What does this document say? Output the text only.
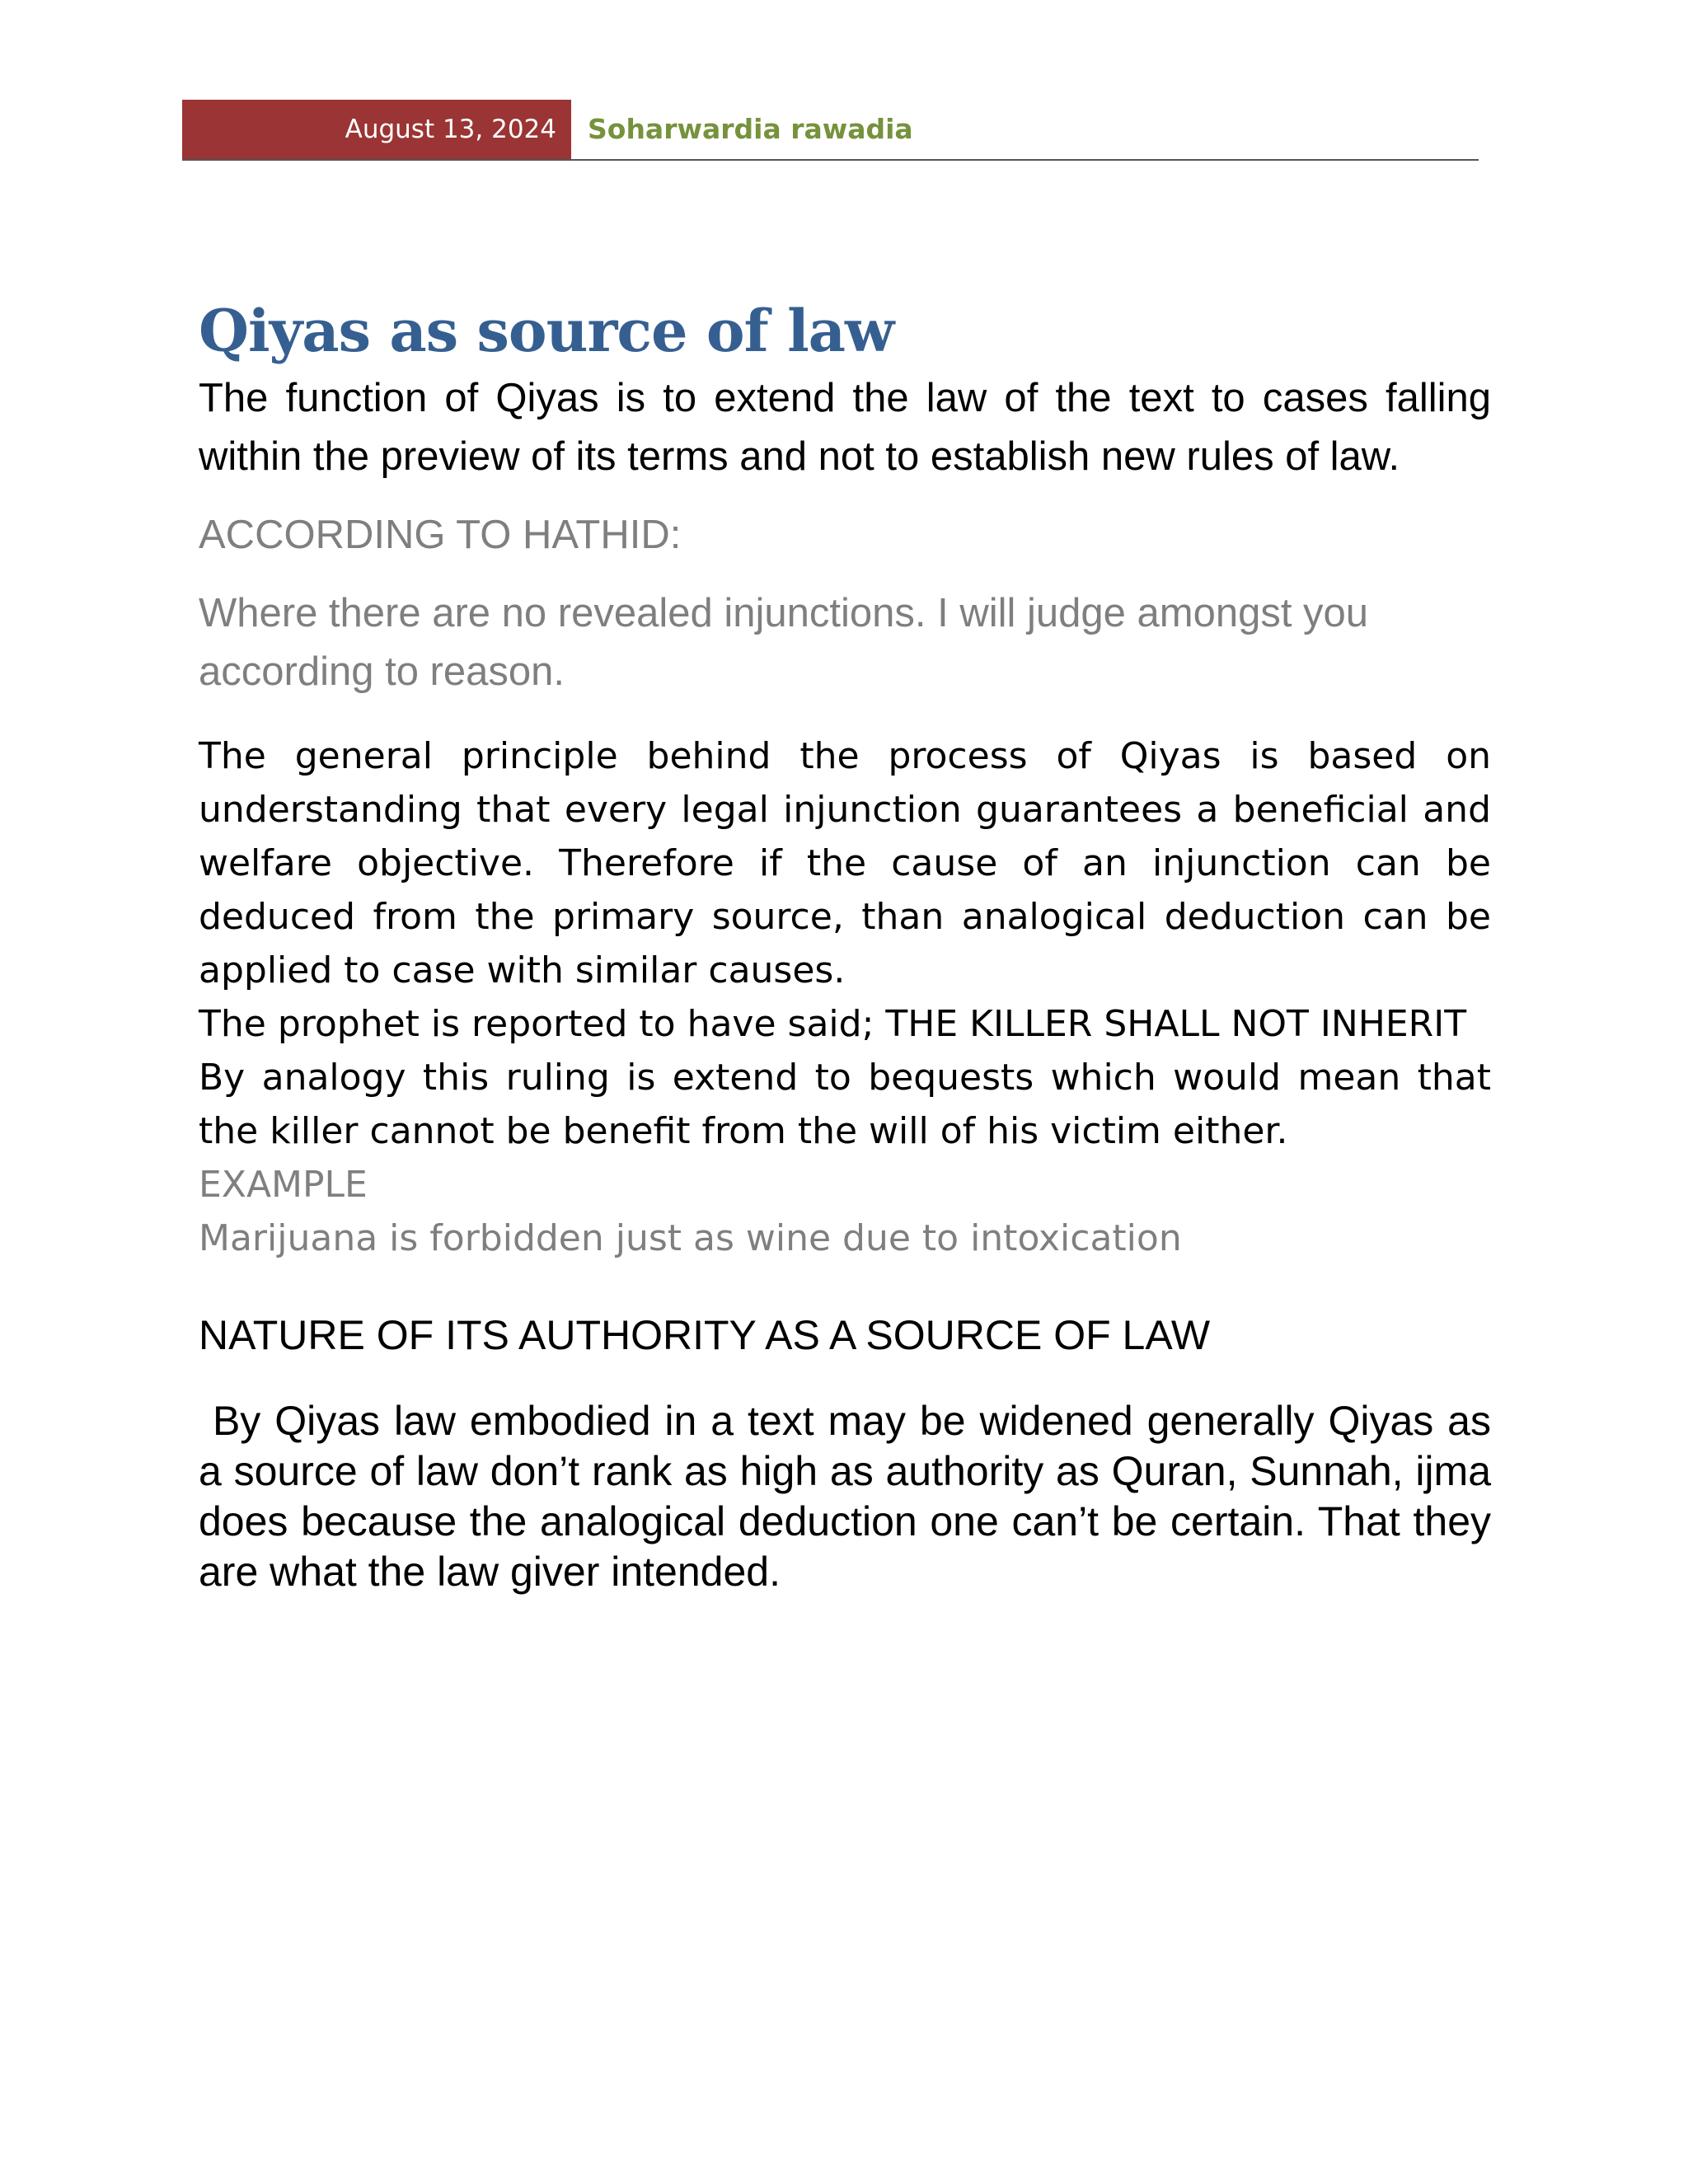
August 13, 2024 Soharwardia rawadia
Qiyas as source of law

The function of Qiyas is to extend the law of the text to cases falling within the preview of its terms and not to establish new rules of law.

ACCORDING TO HATHID:

Where there are no revealed injunctions. I will judge amongst you according to reason.

The general principle behind the process of Qiyas is based on understanding that every legal injunction guarantees a beneficial and welfare objective. Therefore if the cause of an injunction can be deduced from the primary source, than analogical deduction can be applied to case with similar causes.

The prophet is reported to have said; THE KILLER SHALL NOT INHERIT

By analogy this ruling is extend to bequests which would mean that the killer cannot be benefit from the will of his victim either.

EXAMPLE

Marijuana is forbidden just as wine due to intoxication

NATURE OF ITS AUTHORITY AS A SOURCE OF LAW

By Qiyas law embodied in a text may be widened generally Qiyas as a source of law don’t rank as high as authority as Quran, Sunnah, ijma does because the analogical deduction one can’t be certain. That they are what the law giver intended.
